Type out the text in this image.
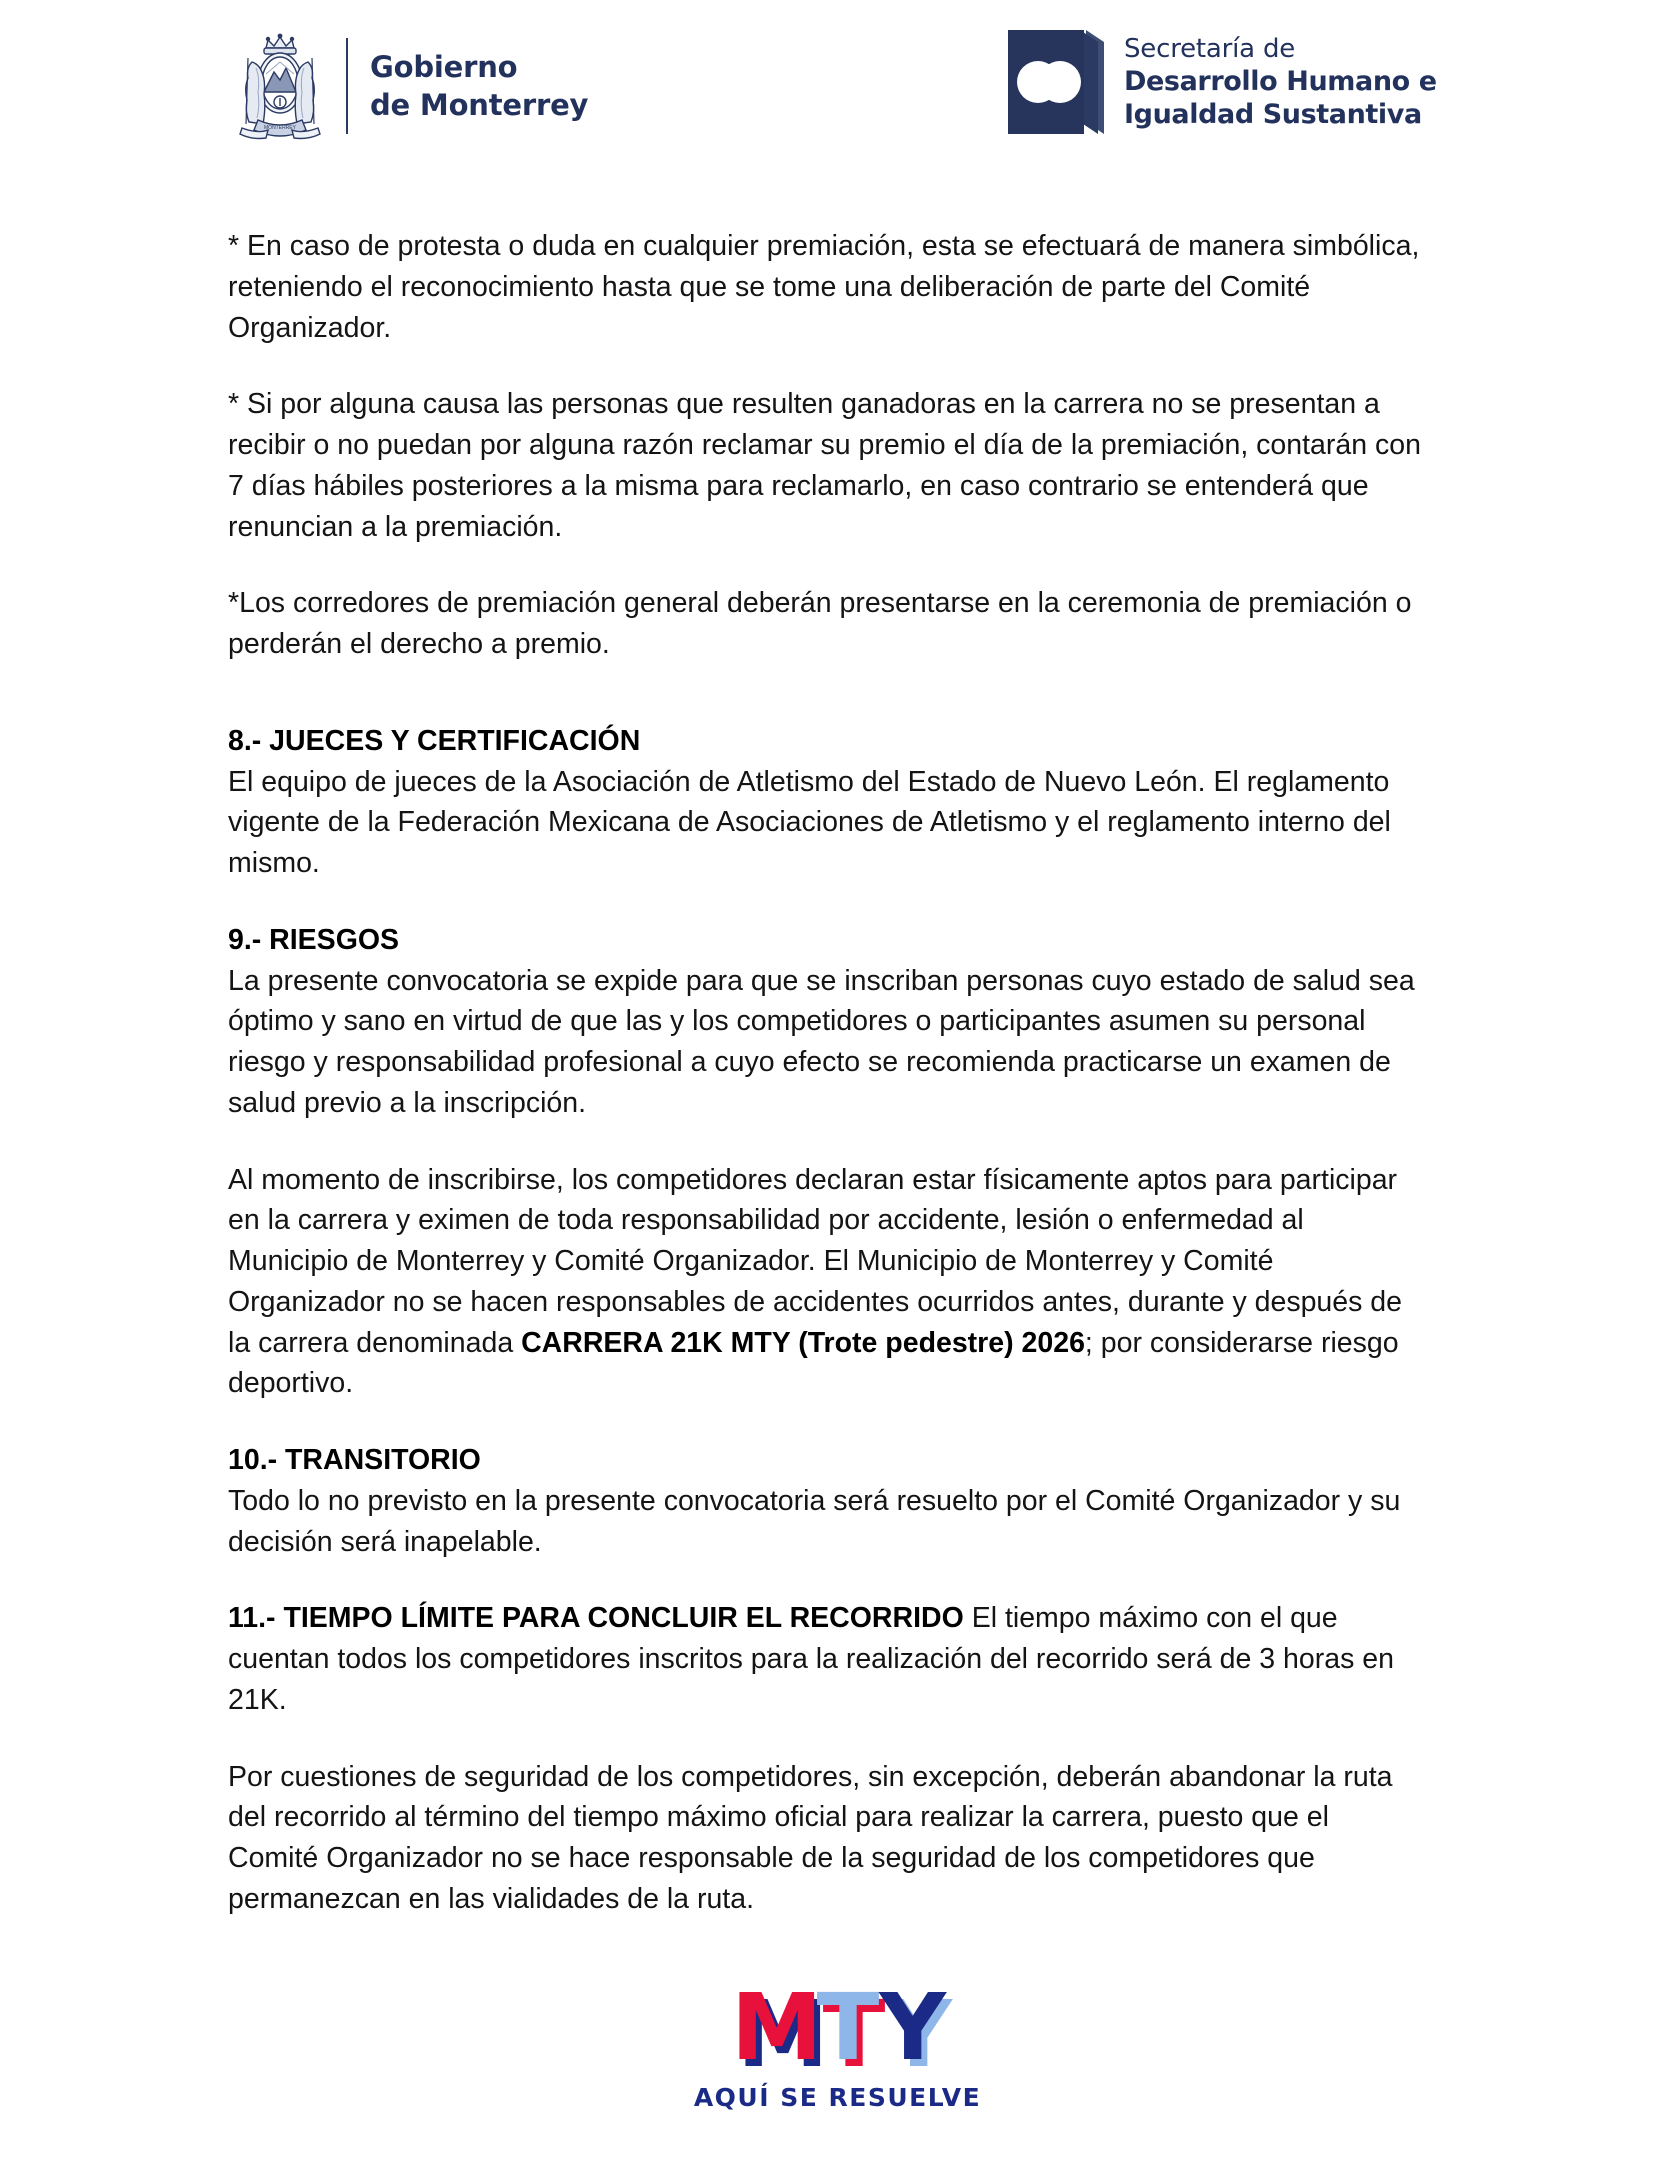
MONTERREY
Gobierno
de Monterrey
Secretaría de
Desarrollo Humano e
Igualdad Sustantiva

* En caso de protesta o duda en cualquier premiación, esta se efectuará de manera simbólica, reteniendo el reconocimiento hasta que se tome una deliberación de parte del Comité Organizador.

* Si por alguna causa las personas que resulten ganadoras en la carrera no se presentan a recibir o no puedan por alguna razón reclamar su premio el día de la premiación, contarán con 7 días hábiles posteriores a la misma para reclamarlo, en caso contrario se entenderá que renuncian a la premiación.

*Los corredores de premiación general deberán presentarse en la ceremonia de premiación o perderán el derecho a premio.

8.- JUECES Y CERTIFICACIÓN

El equipo de jueces de la Asociación de Atletismo del Estado de Nuevo León. El reglamento vigente de la Federación Mexicana de Asociaciones de Atletismo y el reglamento interno del mismo.

9.- RIESGOS

La presente convocatoria se expide para que se inscriban personas cuyo estado de salud sea óptimo y sano en virtud de que las y los competidores o participantes asumen su personal riesgo y responsabilidad profesional a cuyo efecto se recomienda practicarse un examen de salud previo a la inscripción.

Al momento de inscribirse, los competidores declaran estar físicamente aptos para participar en la carrera y eximen de toda responsabilidad por accidente, lesión o enfermedad al Municipio de Monterrey y Comité Organizador. El Municipio de Monterrey y Comité Organizador no se hacen responsables de accidentes ocurridos antes, durante y después de la carrera denominada CARRERA 21K MTY (Trote pedestre) 2026; por considerarse riesgo deportivo.

10.- TRANSITORIO

Todo lo no previsto en la presente convocatoria será resuelto por el Comité Organizador y su decisión será inapelable.

11.- TIEMPO LÍMITE PARA CONCLUIR EL RECORRIDO El tiempo máximo con el que cuentan todos los competidores inscritos para la realización del recorrido será de 3 horas en 21K.

Por cuestiones de seguridad de los competidores, sin excepción, deberán abandonar la ruta del recorrido al término del tiempo máximo oficial para realizar la carrera, puesto que el Comité Organizador no se hace responsable de la seguridad de los competidores que permanezcan en las vialidades de la ruta.

M
T Y
AQUÍ SE RESUELVE
